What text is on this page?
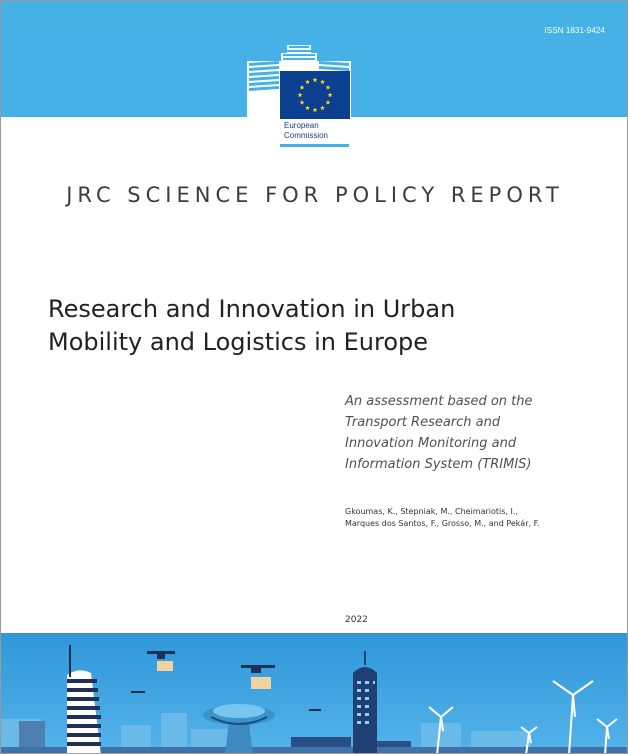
ISSN 1831-9424
European
Commission
JRC SCIENCE FOR POLICY REPORT
Research and Innovation in Urban
Mobility and Logistics in Europe
An assessment based on the
Transport Research and
Innovation Monitoring and
Information System (TRIMIS)
Gkoumas, K., Stepniak, M., Cheimariotis, I.,
Marques dos Santos, F., Grosso, M., and Pekár, F.
2022
